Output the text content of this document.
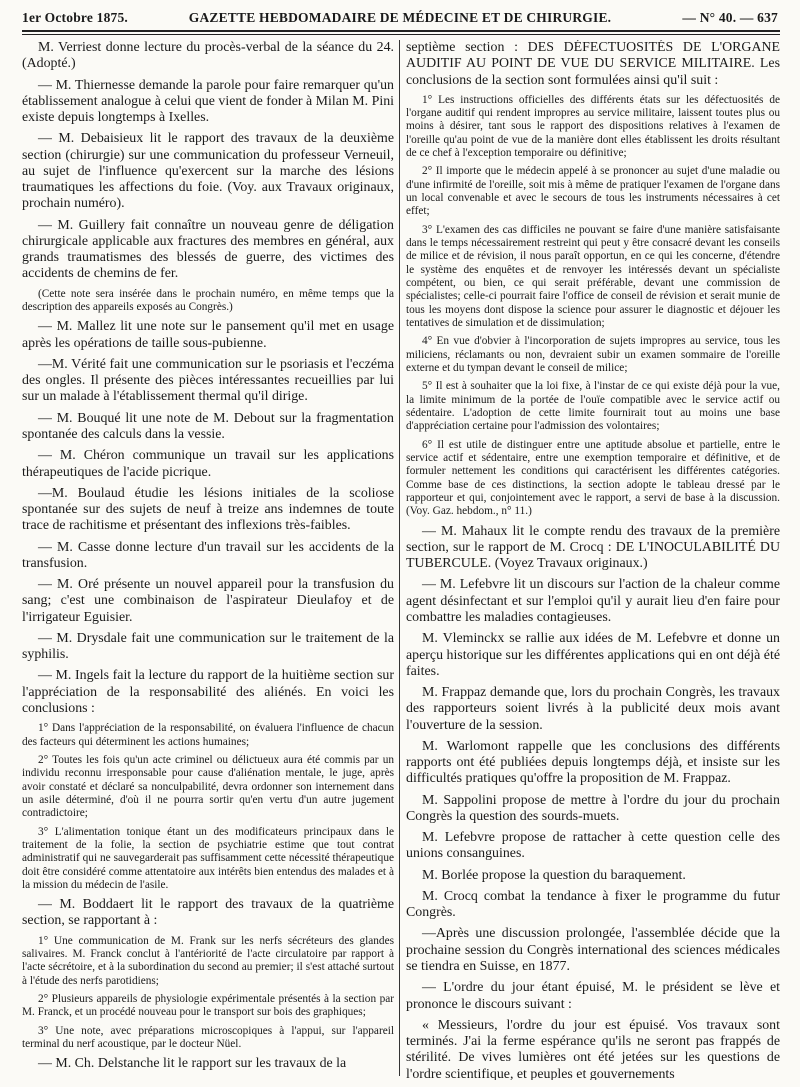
1er Octobre 1875.	GAZETTE HEBDOMADAIRE DE MÉDECINE ET DE CHIRURGIE.	— N° 40. — 637

M. Verriest donne lecture du procès-verbal de la séance du 24. (Adopté.)

— M. Thiernesse demande la parole pour faire remarquer qu'un établissement analogue à celui que vient de fonder à Milan M. Pini existe depuis longtemps à Ixelles.

— M. Debaisieux lit le rapport des travaux de la deuxième section (chirurgie) sur une communication du professeur Verneuil, au sujet de l'influence qu'exercent sur la marche des lésions traumatiques les affections du foie. (Voy. aux Travaux originaux, prochain numéro).

— M. Guillery fait connaître un nouveau genre de déligation chirurgicale applicable aux fractures des membres en général, aux grands traumatismes des blessés de guerre, des victimes des accidents de chemins de fer.

(Cette note sera insérée dans le prochain numéro, en même temps que la description des appareils exposés au Congrès.)

— M. Mallez lit une note sur le pansement qu'il met en usage après les opérations de taille sous-pubienne.

—M. Vérité fait une communication sur le psoriasis et l'eczéma des ongles. Il présente des pièces intéressantes recueillies par lui sur un malade à l'établissement thermal qu'il dirige.

— M. Bouqué lit une note de M. Debout sur la fragmentation spontanée des calculs dans la vessie.

— M. Chéron communique un travail sur les applications thérapeutiques de l'acide picrique.

—M. Boulaud étudie les lésions initiales de la scoliose spontanée sur des sujets de neuf à treize ans indemnes de toute trace de rachitisme et présentant des inflexions très-faibles.

— M. Casse donne lecture d'un travail sur les accidents de la transfusion.

— M. Oré présente un nouvel appareil pour la transfusion du sang; c'est une combinaison de l'aspirateur Dieulafoy et de l'irrigateur Eguisier.

— M. Drysdale fait une communication sur le traitement de la syphilis.

— M. Ingels fait la lecture du rapport de la huitième section sur l'appréciation de la responsabilité des aliénés. En voici les conclusions :

1° Dans l'appréciation de la responsabilité, on évaluera l'influence de chacun des facteurs qui déterminent les actions humaines;

2° Toutes les fois qu'un acte criminel ou délictueux aura été commis par un individu reconnu irresponsable pour cause d'aliénation mentale, le juge, après avoir constaté et déclaré sa nonculpabilité, devra ordonner son internement dans un asile déterminé, d'où il ne pourra sortir qu'en vertu d'un autre jugement contradictoire;

3° L'alimentation tonique étant un des modificateurs principaux dans le traitement de la folie, la section de psychiatrie estime que tout contrat administratif qui ne sauvegarderait pas suffisamment cette nécessité thérapeutique doit être considéré comme attentatoire aux intérêts bien entendus des malades et à la mission du médecin de l'asile.

— M. Boddaert lit le rapport des travaux de la quatrième section, se rapportant à :

1° Une communication de M. Frank sur les nerfs sécréteurs des glandes salivaires. M. Franck conclut à l'antériorité de l'acte circulatoire par rapport à l'acte sécrétoire, et à la subordination du second au premier; il s'est attaché surtout à l'étude des nerfs parotidiens;

2° Plusieurs appareils de physiologie expérimentale présentés à la section par M. Franck, et un procédé nouveau pour le transport sur bois des graphiques;

3° Une note, avec préparations microscopiques à l'appui, sur l'appareil terminal du nerf acoustique, par le docteur Nüel.

— M. Ch. Delstanche lit le rapport sur les travaux de la

septième section : DES DÉFECTUOSITÉS DE L'ORGANE AUDITIF AU POINT DE VUE DU SERVICE MILITAIRE. Les conclusions de la section sont formulées ainsi qu'il suit :

1° Les instructions officielles des différents états sur les défectuosités de l'organe auditif qui rendent impropres au service militaire, laissent toutes plus ou moins à désirer, tant sous le rapport des dispositions relatives à l'examen de l'oreille qu'au point de vue de la manière dont elles établissent les droits résultant de ce chef à l'exception temporaire ou définitive;

2° Il importe que le médecin appelé à se prononcer au sujet d'une maladie ou d'une infirmité de l'oreille, soit mis à même de pratiquer l'examen de l'organe dans un local convenable et avec le secours de tous les instruments nécessaires à cet effet;

3° L'examen des cas difficiles ne pouvant se faire d'une manière satisfaisante dans le temps nécessairement restreint qui peut y être consacré devant les conseils de milice et de révision, il nous paraît opportun, en ce qui les concerne, d'étendre le système des enquêtes et de renvoyer les intéressés devant un spécialiste compétent, ou bien, ce qui serait préférable, devant une commission de spécialistes; celle-ci pourrait faire l'office de conseil de révision et serait munie de tous les moyens dont dispose la science pour assurer le diagnostic et déjouer les tentatives de simulation et de dissimulation;

4° En vue d'obvier à l'incorporation de sujets impropres au service, tous les miliciens, réclamants ou non, devraient subir un examen sommaire de l'oreille externe et du tympan devant le conseil de milice;

5° Il est à souhaiter que la loi fixe, à l'instar de ce qui existe déjà pour la vue, la limite minimum de la portée de l'ouïe compatible avec le service actif ou sédentaire. L'adoption de cette limite fournirait tout au moins une base d'appréciation certaine pour l'admission des volontaires;

6° Il est utile de distinguer entre une aptitude absolue et partielle, entre le service actif et sédentaire, entre une exemption temporaire et définitive, et de formuler nettement les conditions qui caractérisent les différentes catégories. Comme base de ces distinctions, la section adopte le tableau dressé par le rapporteur et qui, conjointement avec le rapport, a servi de base à la discussion. (Voy. Gaz. hebdom., n° 11.)

— M. Mahaux lit le compte rendu des travaux de la première section, sur le rapport de M. Crocq : DE L'INOCULABILITÉ DU TUBERCULE. (Voyez Travaux originaux.)

— M. Lefebvre lit un discours sur l'action de la chaleur comme agent désinfectant et sur l'emploi qu'il y aurait lieu d'en faire pour combattre les maladies contagieuses.

M. Vleminckx se rallie aux idées de M. Lefebvre et donne un aperçu historique sur les différentes applications qui en ont déjà été faites.

M. Frappaz demande que, lors du prochain Congrès, les travaux des rapporteurs soient livrés à la publicité deux mois avant l'ouverture de la session.

M. Warlomont rappelle que les conclusions des différents rapports ont été publiées depuis longtemps déjà, et insiste sur les difficultés pratiques qu'offre la proposition de M. Frappaz.

M. Sappolini propose de mettre à l'ordre du jour du prochain Congrès la question des sourds-muets.

M. Lefebvre propose de rattacher à cette question celle des unions consanguines.

M. Borlée propose la question du baraquement.

M. Crocq combat la tendance à fixer le programme du futur Congrès.

—Après une discussion prolongée, l'assemblée décide que la prochaine session du Congrès international des sciences médicales se tiendra en Suisse, en 1877.

— L'ordre du jour étant épuisé, M. le président se lève et prononce le discours suivant :

« Messieurs, l'ordre du jour est épuisé. Vos travaux sont terminés. J'ai la ferme espérance qu'ils ne seront pas frappés de stérilité. De vives lumières ont été jetées sur les questions de l'ordre scientifique, et peuples et gouvernements
